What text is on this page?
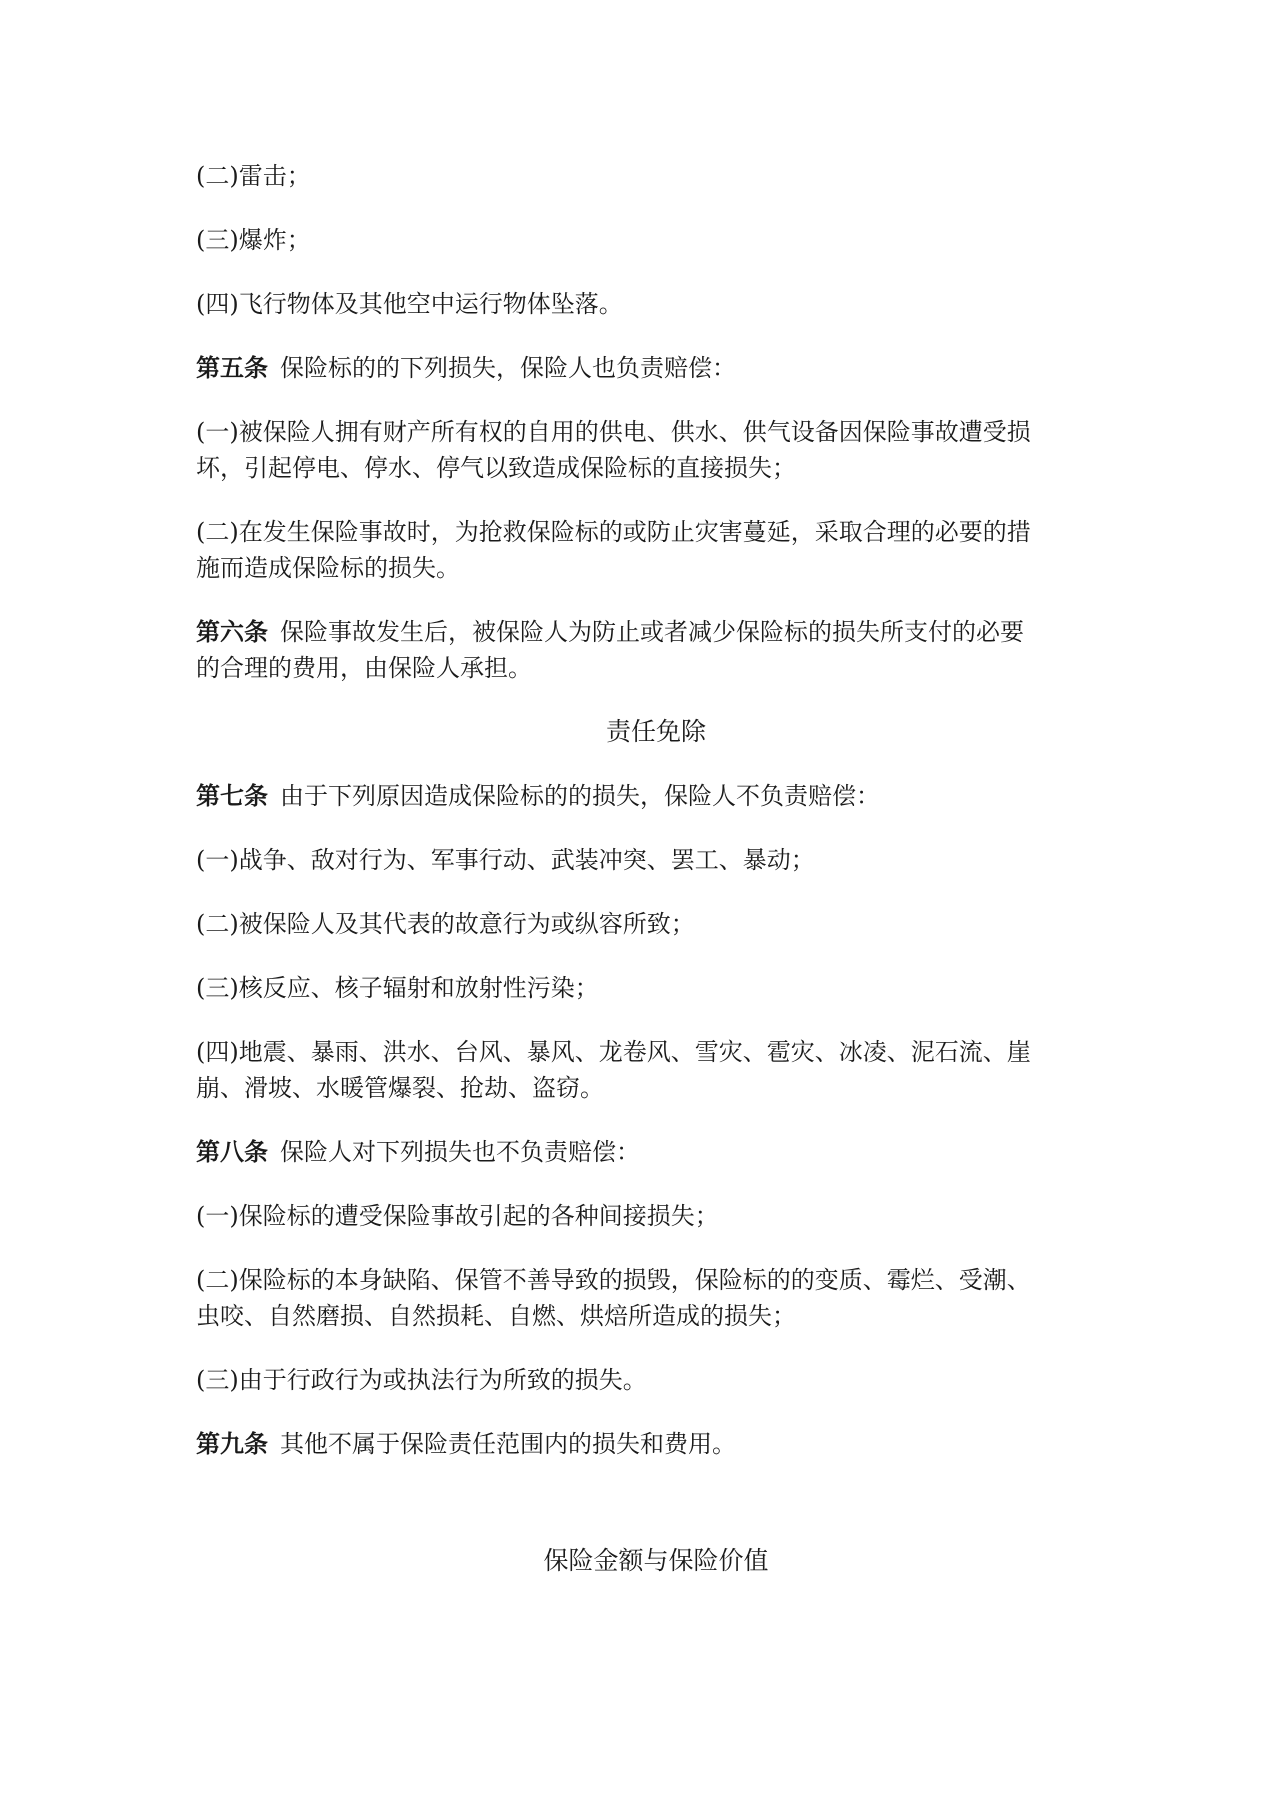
(二)雷击；

(三)爆炸；

(四)飞行物体及其他空中运行物体坠落。

第五条 保险标的的下列损失，保险人也负责赔偿：

(一)被保险人拥有财产所有权的自用的供电、供水、供气设备因保险事故遭受损
坏，引起停电、停水、停气以致造成保险标的直接损失；

(二)在发生保险事故时，为抢救保险标的或防止灾害蔓延，采取合理的必要的措
施而造成保险标的损失。

第六条 保险事故发生后，被保险人为防止或者减少保险标的损失所支付的必要
的合理的费用，由保险人承担。

责任免除

第七条 由于下列原因造成保险标的的损失，保险人不负责赔偿：

(一)战争、敌对行为、军事行动、武装冲突、罢工、暴动；

(二)被保险人及其代表的故意行为或纵容所致；

(三)核反应、核子辐射和放射性污染；

(四)地震、暴雨、洪水、台风、暴风、龙卷风、雪灾、雹灾、冰凌、泥石流、崖
崩、滑坡、水暖管爆裂、抢劫、盗窃。

第八条 保险人对下列损失也不负责赔偿：

(一)保险标的遭受保险事故引起的各种间接损失；

(二)保险标的本身缺陷、保管不善导致的损毁，保险标的的变质、霉烂、受潮、
虫咬、自然磨损、自然损耗、自燃、烘焙所造成的损失；

(三)由于行政行为或执法行为所致的损失。

第九条 其他不属于保险责任范围内的损失和费用。

保险金额与保险价值
